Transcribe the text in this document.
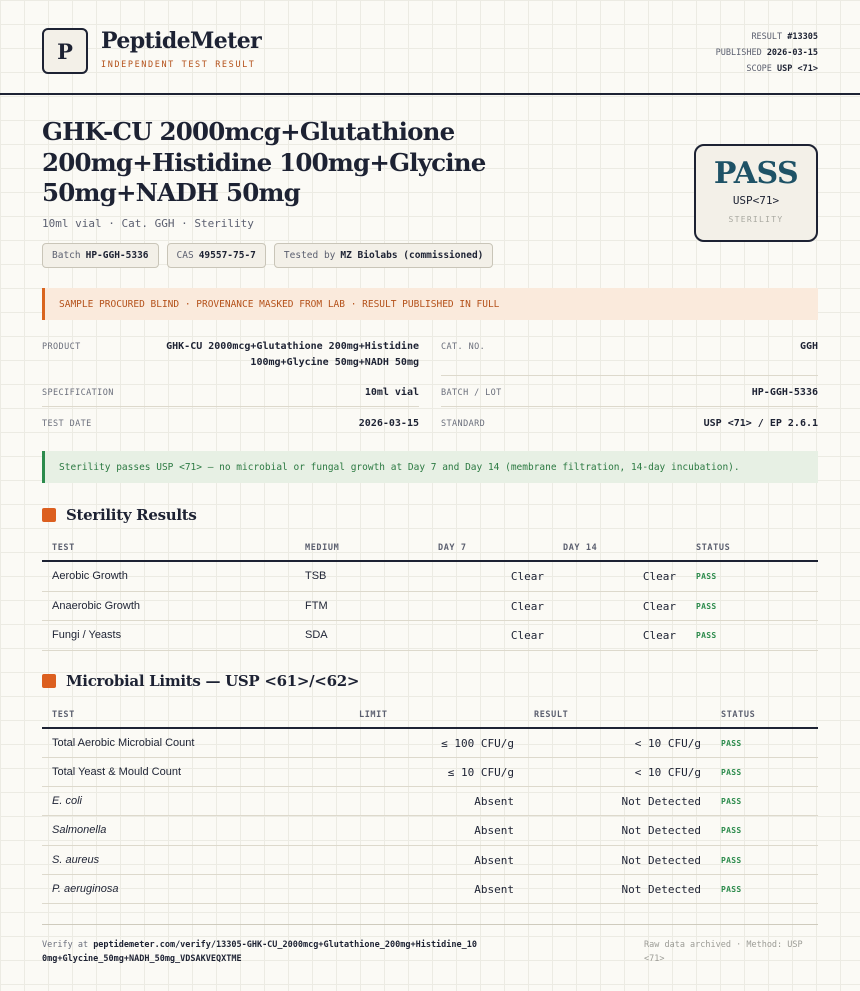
P PeptideMeter
INDEPENDENT TEST RESULT
RESULT #13305
PUBLISHED 2026-03-15
SCOPE USP <71>
GHK-CU 2000mcg+Glutathione 200mg+Histidine 100mg+Glycine 50mg+NADH 50mg
10ml vial · Cat. GGH · Sterility
Batch HP-GGH-5336	CAS 49557-75-7	Tested by MZ Biolabs (commissioned)
PASS
USP<71>
STERILITY
SAMPLE PROCURED BLIND · PROVENANCE MASKED FROM LAB · RESULT PUBLISHED IN FULL
PRODUCT	GHK-CU 2000mcg+Glutathione 200mg+Histidine 100mg+Glycine 50mg+NADH 50mg
CAT. NO.	GGH
SPECIFICATION	10ml vial	BATCH / LOT	HP-GGH-5336
TEST DATE	2026-03-15	STANDARD	USP <71> / EP 2.6.1
Sterility passes USP <71> — no microbial or fungal growth at Day 7 and Day 14 (membrane filtration, 14-day incubation).
Sterility Results
TEST	MEDIUM	DAY 7	DAY 14	STATUS
Aerobic Growth	TSB	Clear	Clear	PASS
Anaerobic Growth	FTM	Clear	Clear	PASS
Fungi / Yeasts	SDA	Clear	Clear	PASS
Microbial Limits — USP <61>/<62>
TEST	LIMIT	RESULT	STATUS
Total Aerobic Microbial Count	≤ 100 CFU/g	< 10 CFU/g	PASS
Total Yeast & Mould Count	≤ 10 CFU/g	< 10 CFU/g	PASS
E. coli	Absent	Not Detected	PASS
Salmonella	Absent	Not Detected	PASS
S. aureus	Absent	Not Detected	PASS
P. aeruginosa	Absent	Not Detected	PASS
Verify at peptidemeter.com/verify/13305-GHK-CU_2000mcg+Glutathione_200mg+Histidine_100mg+Glycine_50mg+NADH_50mg_VDSAKVEQXTME
Raw data archived · Method: USP <71>
